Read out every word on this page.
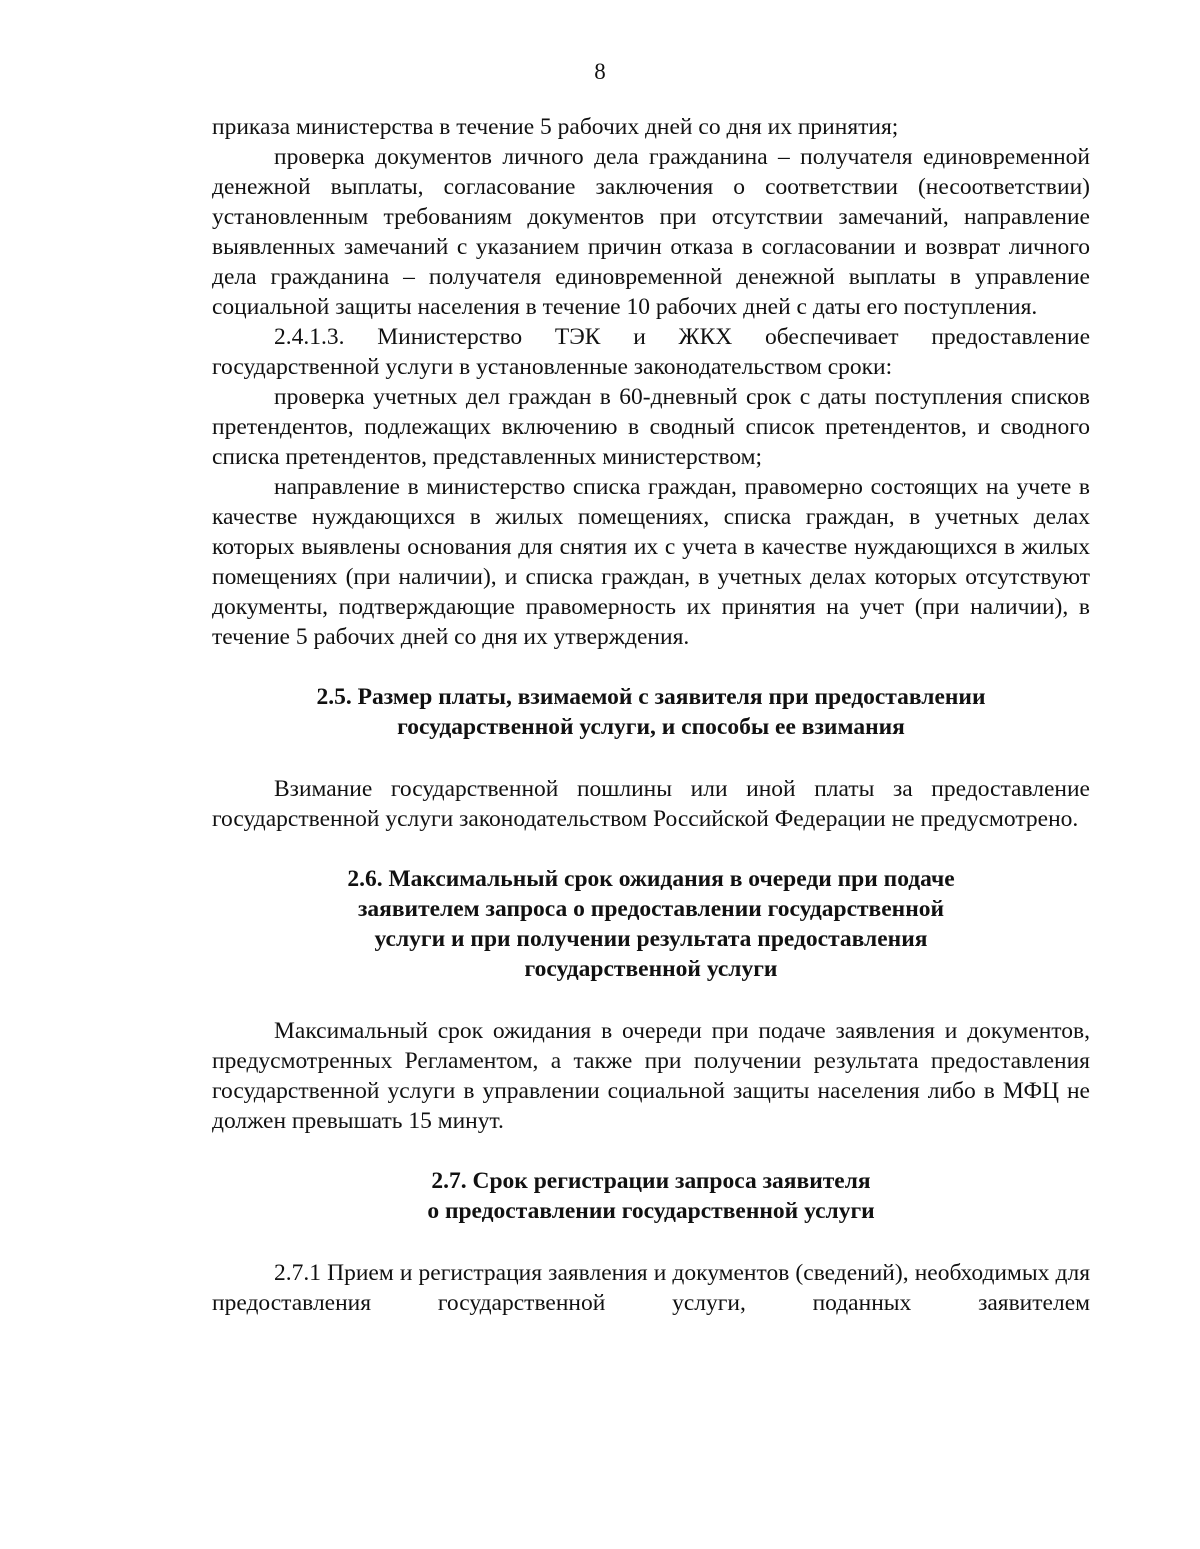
8

приказа министерства в течение 5 рабочих дней со дня их принятия;

проверка документов личного дела гражданина – получателя единовременной денежной выплаты, согласование заключения о соответствии (несоответствии) установленным требованиям документов при отсутствии замечаний, направление выявленных замечаний с указанием причин отказа в согласовании и возврат личного дела гражданина – получателя единовременной денежной выплаты в управление социальной защиты населения в течение 10 рабочих дней с даты его поступления.

2.4.1.3. Министерство ТЭК и ЖКХ обеспечивает предоставление государственной услуги в установленные законодательством сроки:

проверка учетных дел граждан в 60-дневный срок с даты поступления списков претендентов, подлежащих включению в сводный список претендентов, и сводного списка претендентов, представленных министерством;

направление в министерство списка граждан, правомерно состоящих на учете в качестве нуждающихся в жилых помещениях, списка граждан, в учетных делах которых выявлены основания для снятия их с учета в качестве нуждающихся в жилых помещениях (при наличии), и списка граждан, в учетных делах которых отсутствуют документы, подтверждающие правомерность их принятия на учет (при наличии), в течение 5 рабочих дней со дня их утверждения.

2.5. Размер платы, взимаемой с заявителя при предоставлении
государственной услуги, и способы ее взимания

Взимание государственной пошлины или иной платы за предоставление государственной услуги законодательством Российской Федерации не предусмотрено.

2.6. Максимальный срок ожидания в очереди при подаче
заявителем запроса о предоставлении государственной
услуги и при получении результата предоставления
государственной услуги

Максимальный срок ожидания в очереди при подаче заявления и документов, предусмотренных Регламентом, а также при получении результата предоставления государственной услуги в управлении социальной защиты населения либо в МФЦ не должен превышать 15 минут.

2.7. Срок регистрации запроса заявителя
о предоставлении государственной услуги

2.7.1 Прием и регистрация заявления и документов (сведений), необходимых для предоставления государственной услуги, поданных заявителем
